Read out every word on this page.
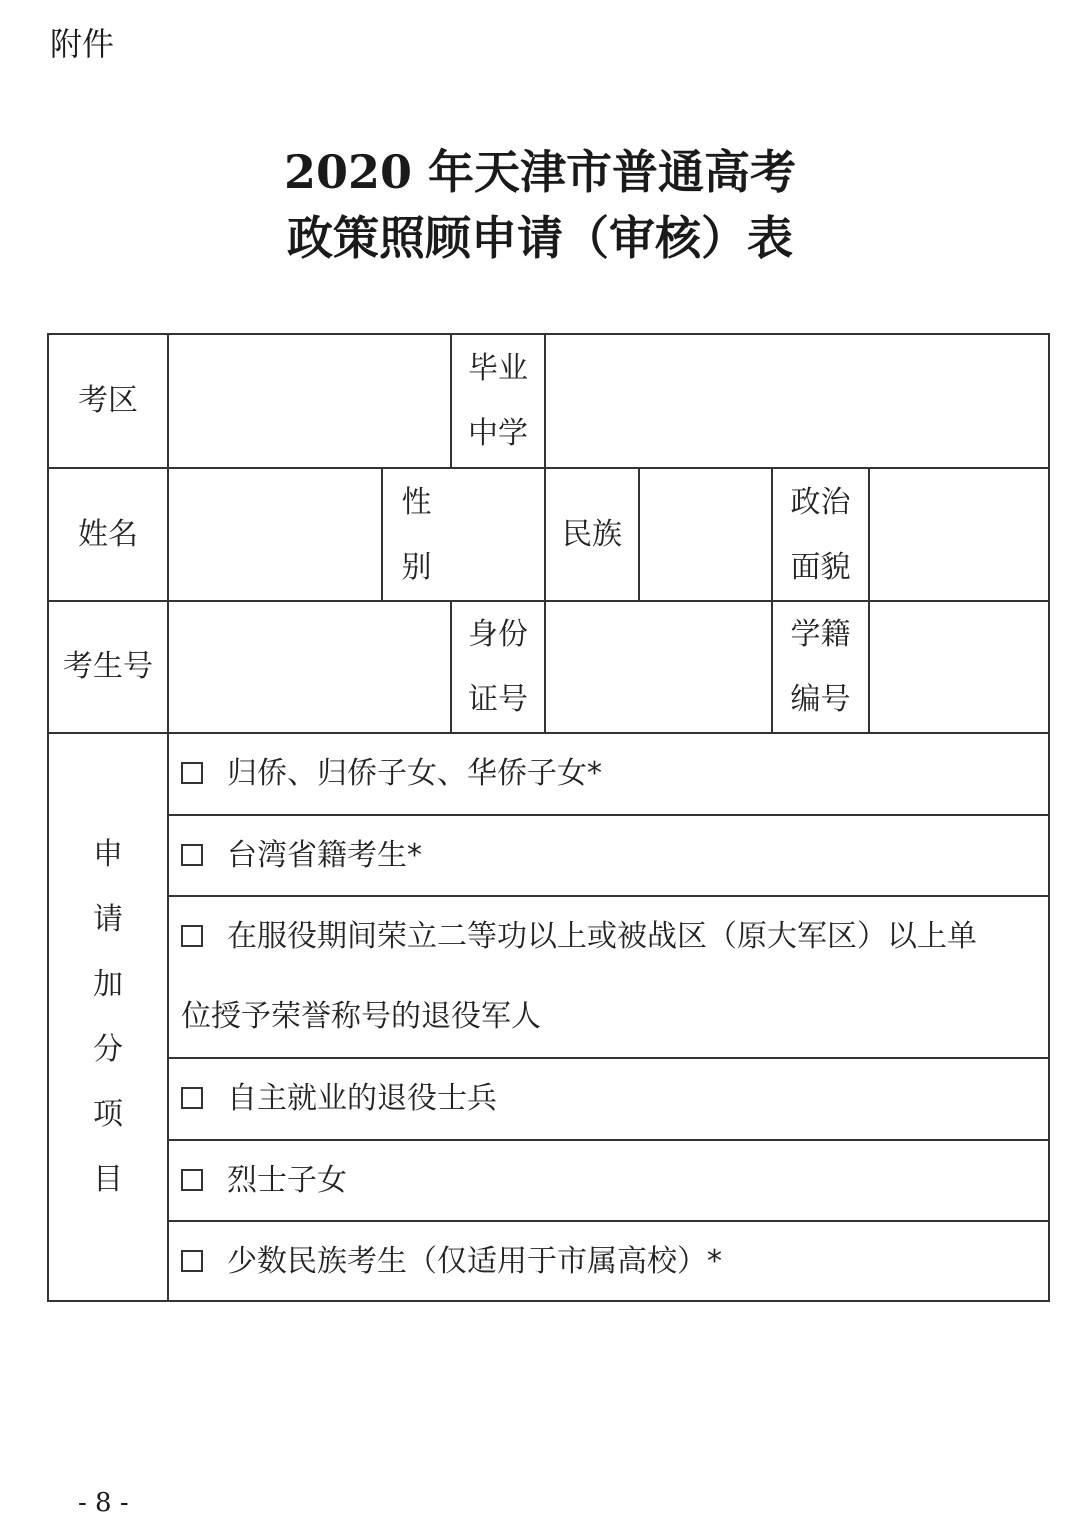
附件
2020 年天津市普通高考
政策照顾申请（审核）表
考区
毕业
中学
姓名
性
别
民族
政治
面貌
考生号
身份
证号
学籍
编号
申
请
加
分
项
目
归侨、归侨子女、华侨子女*
台湾省籍考生*
在服役期间荣立二等功以上或被战区（原大军区）以上单
位授予荣誉称号的退役军人
自主就业的退役士兵
烈士子女
少数民族考生（仅适用于市属高校）*
- 8 -
